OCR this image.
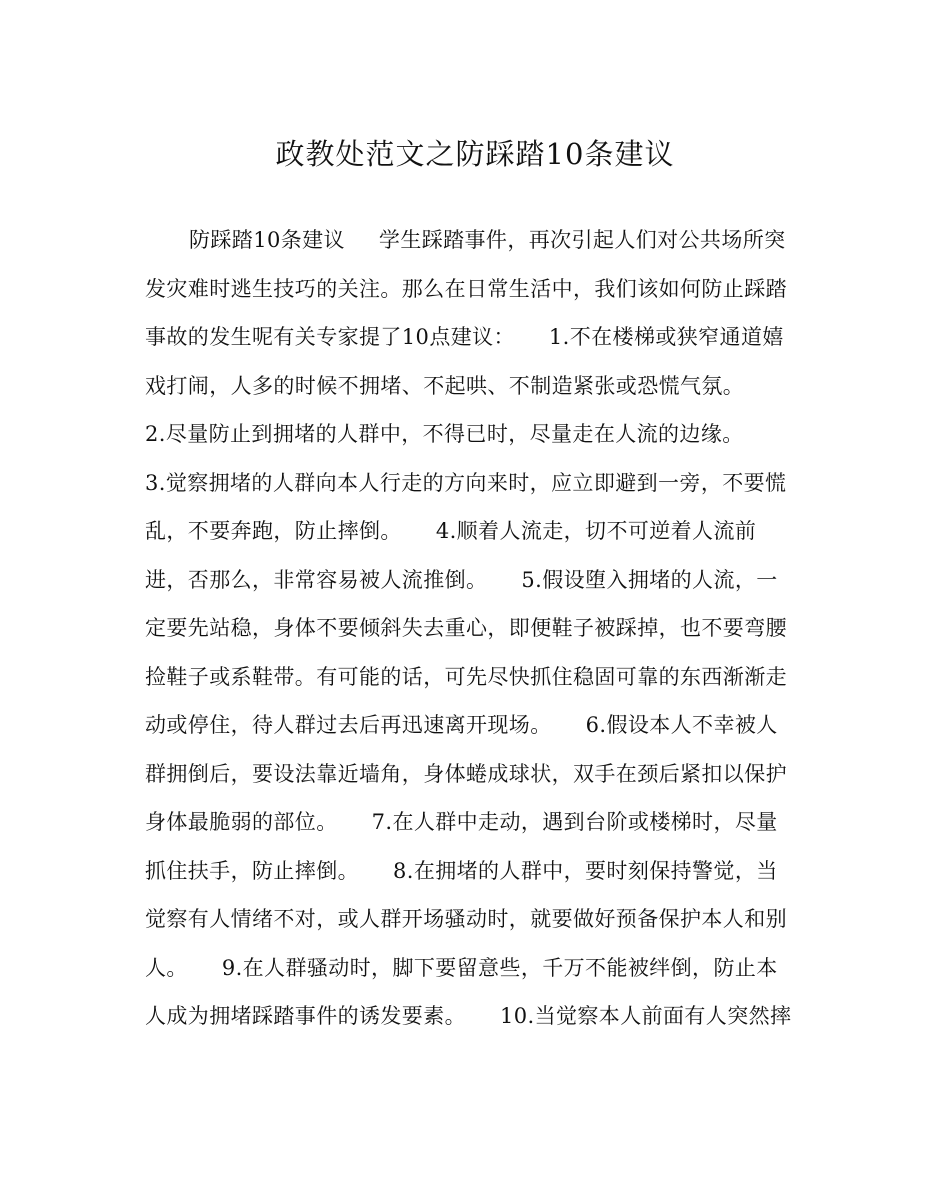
政教处范文之防踩踏10条建议
防踩踏10条建议 学生踩踏事件，再次引起人们对公共场所突
发灾难时逃生技巧的关注。那么在日常生活中，我们该如何防止踩踏
事故的发生呢有关专家提了10点建议： 1.不在楼梯或狭窄通道嬉
戏打闹，人多的时候不拥堵、不起哄、不制造紧张或恐慌气氛。
2.尽量防止到拥堵的人群中，不得已时，尽量走在人流的边缘。
3.觉察拥堵的人群向本人行走的方向来时，应立即避到一旁，不要慌
乱，不要奔跑，防止摔倒。 4.顺着人流走，切不可逆着人流前
进，否那么，非常容易被人流推倒。 5.假设堕入拥堵的人流，一
定要先站稳，身体不要倾斜失去重心，即便鞋子被踩掉，也不要弯腰
捡鞋子或系鞋带。有可能的话，可先尽快抓住稳固可靠的东西渐渐走
动或停住，待人群过去后再迅速离开现场。 6.假设本人不幸被人
群拥倒后，要设法靠近墙角，身体蜷成球状，双手在颈后紧扣以保护
身体最脆弱的部位。 7.在人群中走动，遇到台阶或楼梯时，尽量
抓住扶手，防止摔倒。 8.在拥堵的人群中，要时刻保持警觉，当
觉察有人情绪不对，或人群开场骚动时，就要做好预备保护本人和别
人。 9.在人群骚动时，脚下要留意些，千万不能被绊倒，防止本
人成为拥堵踩踏事件的诱发要素。 10.当觉察本人前面有人突然摔
